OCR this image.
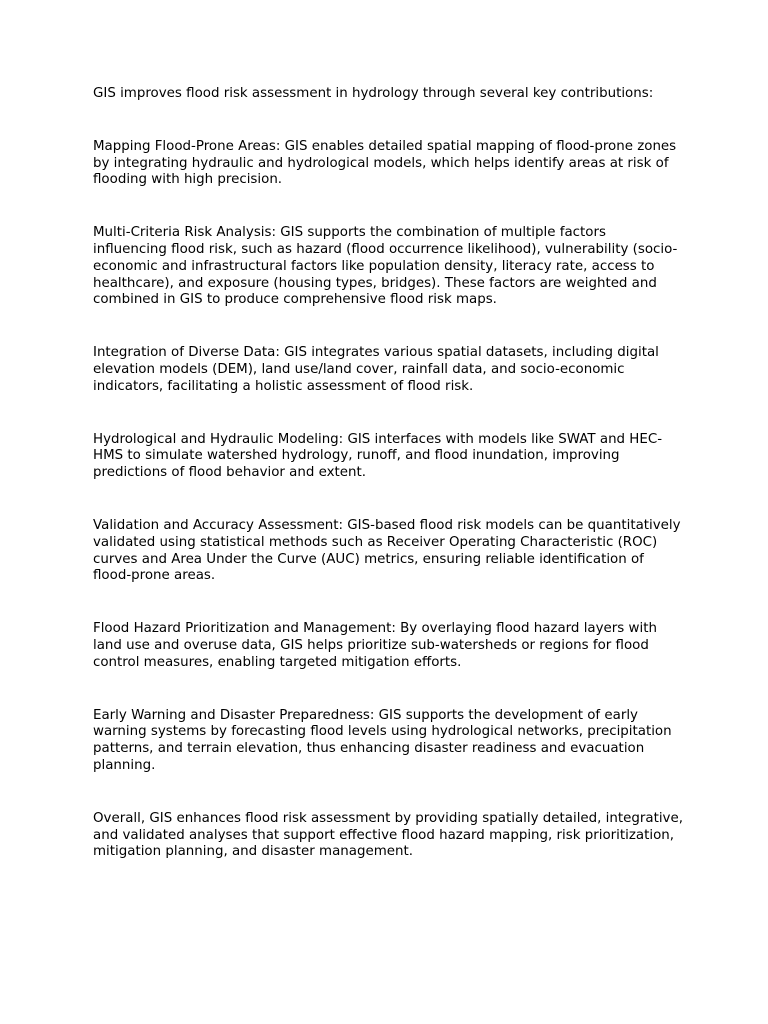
GIS improves flood risk assessment in hydrology through several key contributions:

Mapping Flood-Prone Areas: GIS enables detailed spatial mapping of flood-prone zones by integrating hydraulic and hydrological models, which helps identify areas at risk of flooding with high precision.

Multi-Criteria Risk Analysis: GIS supports the combination of multiple factors influencing flood risk, such as hazard (flood occurrence likelihood), vulnerability (socio-economic and infrastructural factors like population density, literacy rate, access to healthcare), and exposure (housing types, bridges). These factors are weighted and combined in GIS to produce comprehensive flood risk maps.

Integration of Diverse Data: GIS integrates various spatial datasets, including digital elevation models (DEM), land use/land cover, rainfall data, and socio-economic indicators, facilitating a holistic assessment of flood risk.

Hydrological and Hydraulic Modeling: GIS interfaces with models like SWAT and HEC-HMS to simulate watershed hydrology, runoff, and flood inundation, improving predictions of flood behavior and extent.

Validation and Accuracy Assessment: GIS-based flood risk models can be quantitatively validated using statistical methods such as Receiver Operating Characteristic (ROC) curves and Area Under the Curve (AUC) metrics, ensuring reliable identification of flood-prone areas.

Flood Hazard Prioritization and Management: By overlaying flood hazard layers with land use and overuse data, GIS helps prioritize sub-watersheds or regions for flood control measures, enabling targeted mitigation efforts.

Early Warning and Disaster Preparedness: GIS supports the development of early warning systems by forecasting flood levels using hydrological networks, precipitation patterns, and terrain elevation, thus enhancing disaster readiness and evacuation planning.

Overall, GIS enhances flood risk assessment by providing spatially detailed, integrative, and validated analyses that support effective flood hazard mapping, risk prioritization, mitigation planning, and disaster management.
